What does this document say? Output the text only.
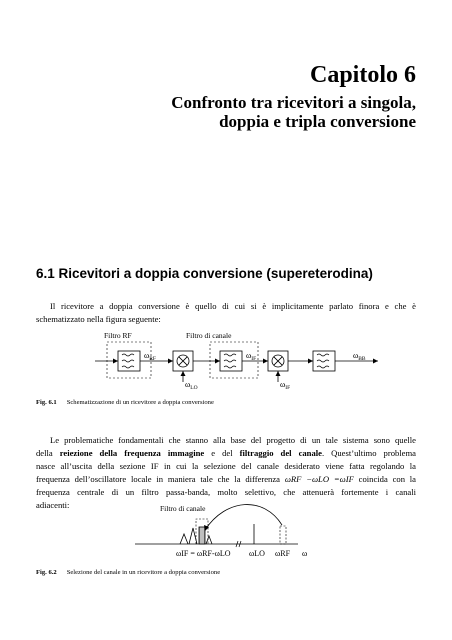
Capitolo 6
Confronto tra ricevitori a singola,
doppia e tripla conversione
6.1 Ricevitori a doppia conversione (supereterodina)
Il ricevitore a doppia conversione è quello di cui si è implicitamente parlato finora e che è
schematizzato nella figura seguente:
Filtro RF	Filtro di canale
$\omega_{RF}$	$\omega_{IF}$	$\omega_{BB}$
$\omega_{LO}$	$\omega_{IF}$
Fig. 6.1 Schematizzazione di un ricevitore a doppia conversione
Le problematiche fondamentali che stanno alla base del progetto di un tale sistema sono quelle
della reiezione della frequenza immagine e del filtraggio del canale. Quest’ultimo problema
nasce all’uscita della sezione IF in cui la selezione del canale desiderato viene fatta regolando la
frequenza dell’oscillatore locale in maniera tale che la differenza ωRF −ωLO =ωIF coincida con la
frequenza centrale di un filtro passa-banda, molto selettivo, che attenuerà fortemente i canali
adiacenti:	Filtro di canale
ωIF = ωRF-ωLO ωLO ωRF ω
Fig. 6.2 Selezione del canale in un ricevitore a doppia conversione
